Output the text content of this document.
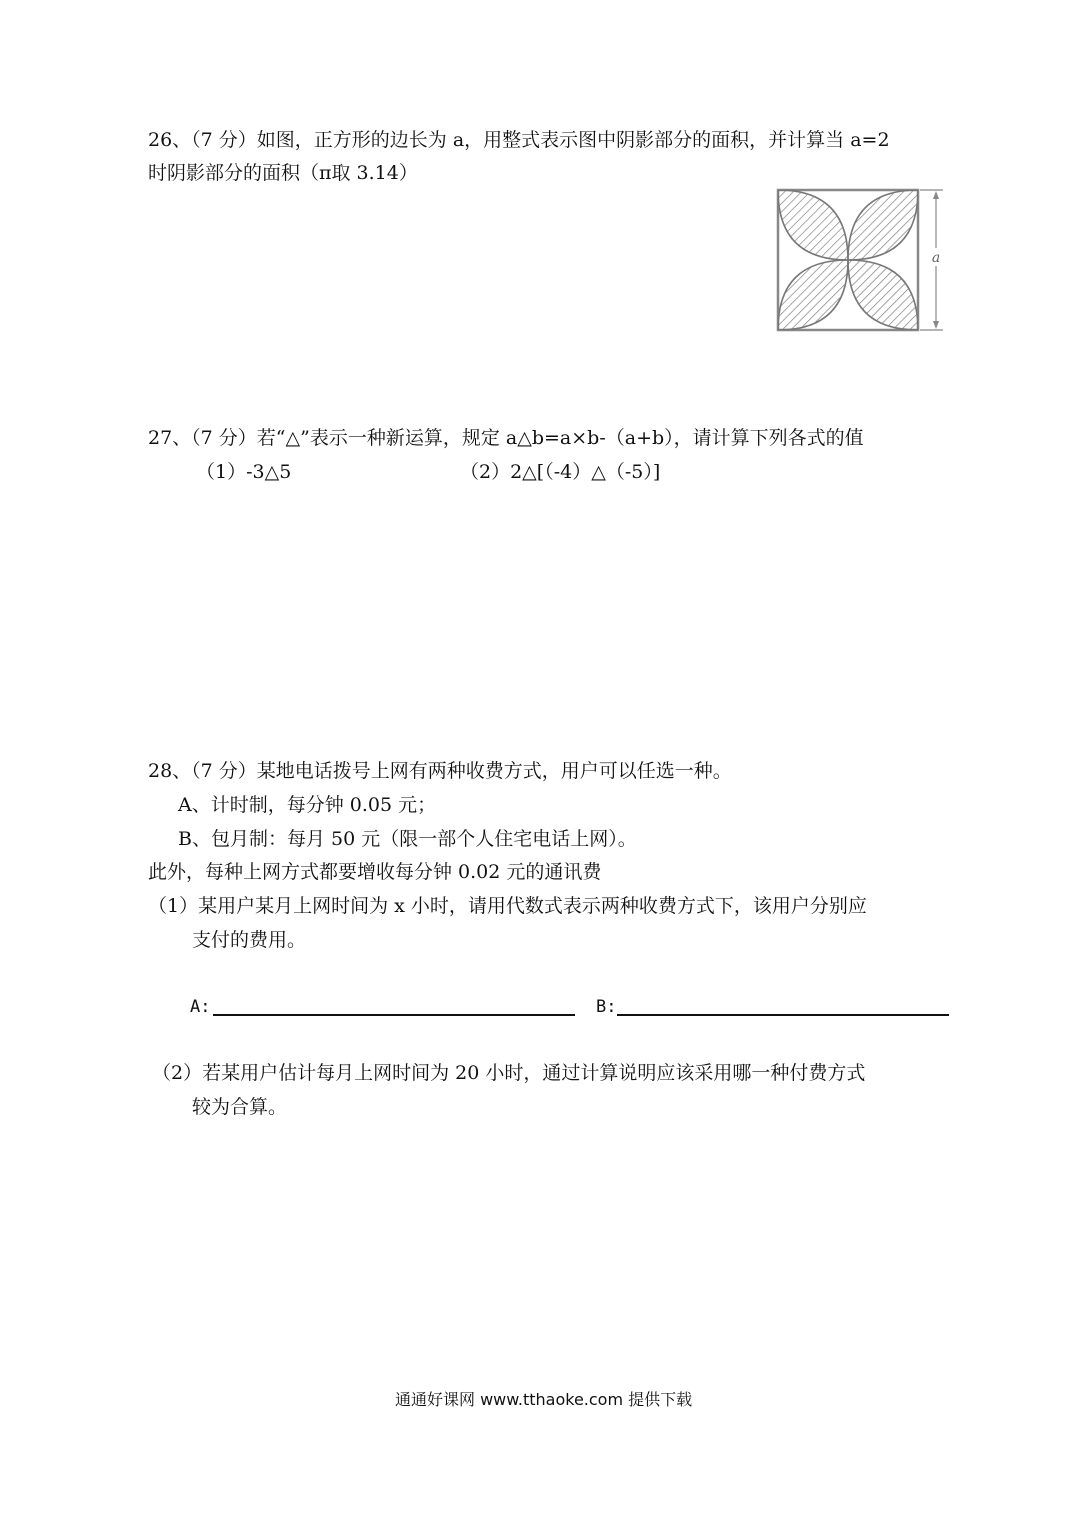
26、（7 分）如图，正方形的边长为 a，用整式表示图中阴影部分的面积，并计算当 a=2
时阴影部分的面积（π取 3.14）
a
27、（7 分）若“△”表示一种新运算，规定 a△b=a×b-（a+b），请计算下列各式的值
（1）-3△5	（2）2△[（-4）△（-5）]
28、（7 分）某地电话拨号上网有两种收费方式，用户可以任选一种。
A、计时制，每分钟 0.05 元；
B、包月制：每月 50 元（限一部个人住宅电话上网）。
此外，每种上网方式都要增收每分钟 0.02 元的通讯费
（1）某用户某月上网时间为 x 小时，请用代数式表示两种收费方式下，该用户分别应
支付的费用。
A:	B:
（2）若某用户估计每月上网时间为 20 小时，通过计算说明应该采用哪一种付费方式
较为合算。
通通好课网 www.tthaoke.com 提供下载
